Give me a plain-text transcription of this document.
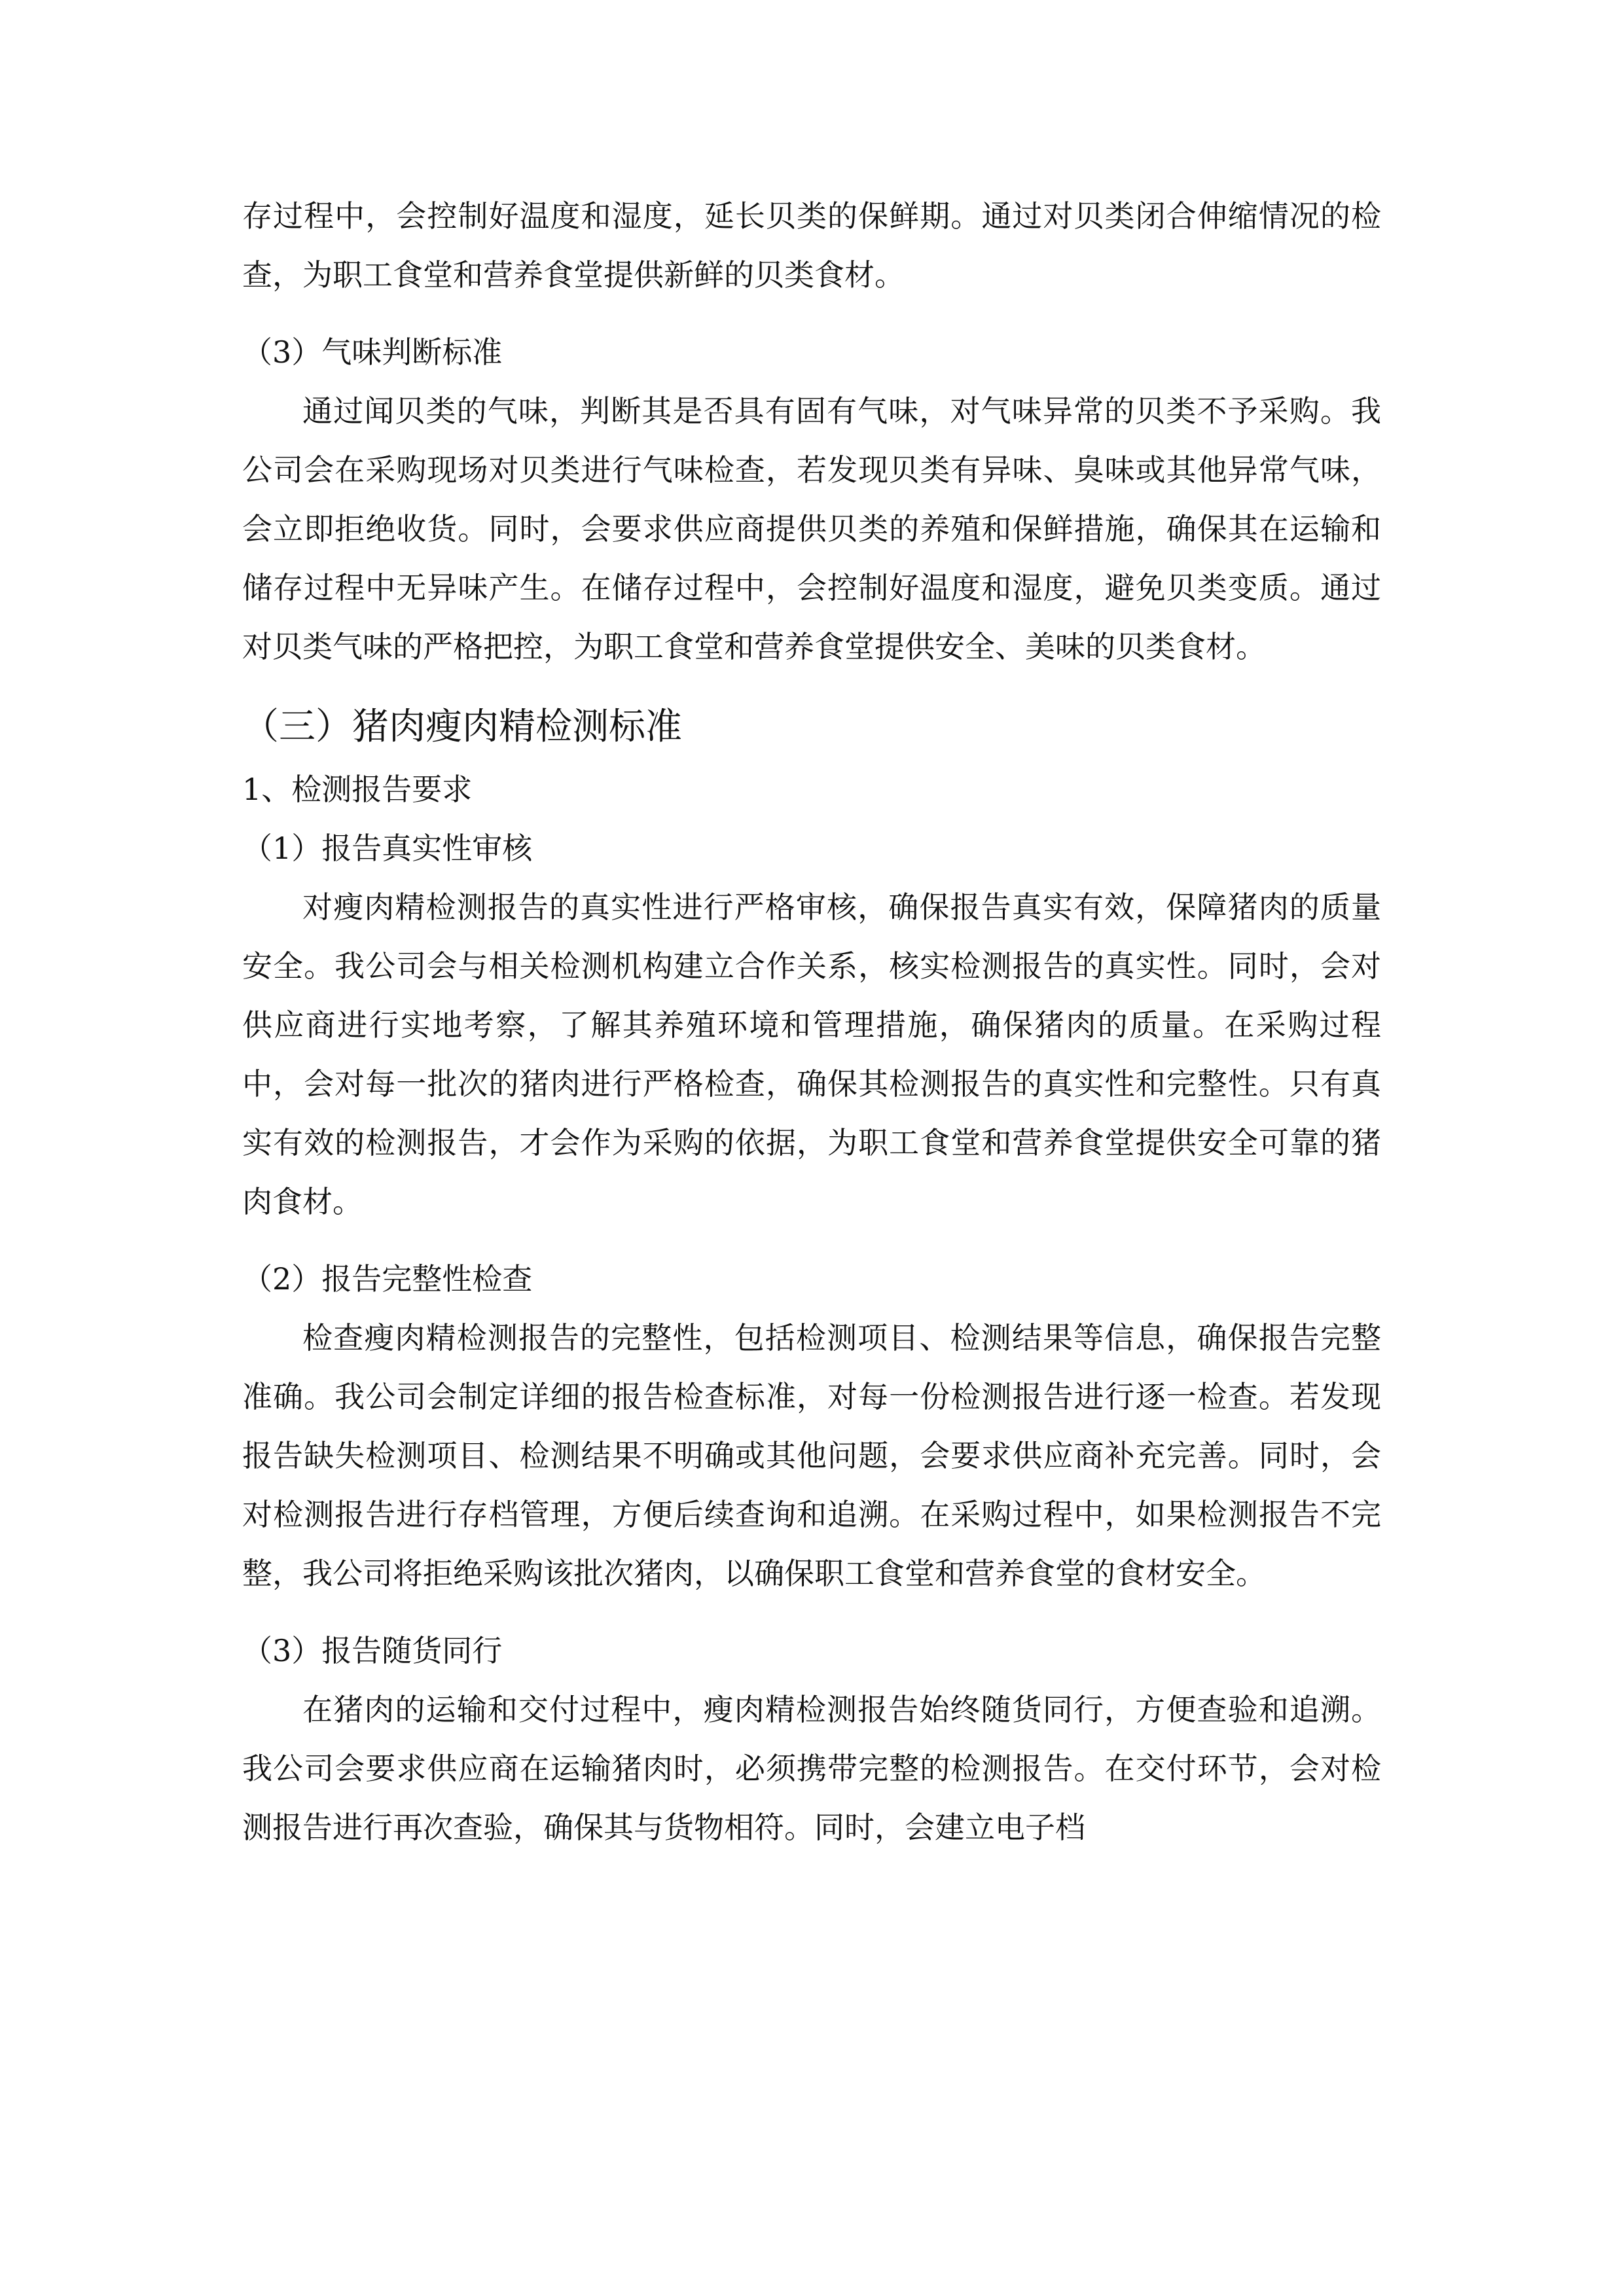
存过程中，会控制好温度和湿度，延长贝类的保鲜期。通过对贝类闭合伸缩情况的检查，为职工食堂和营养食堂提供新鲜的贝类食材。

（3）气味判断标准

通过闻贝类的气味，判断其是否具有固有气味，对气味异常的贝类不予采购。我公司会在采购现场对贝类进行气味检查，若发现贝类有异味、臭味或其他异常气味，会立即拒绝收货。同时，会要求供应商提供贝类的养殖和保鲜措施，确保其在运输和储存过程中无异味产生。在储存过程中，会控制好温度和湿度，避免贝类变质。通过对贝类气味的严格把控，为职工食堂和营养食堂提供安全、美味的贝类食材。

（三）猪肉瘦肉精检测标准

1、检测报告要求

（1）报告真实性审核

对瘦肉精检测报告的真实性进行严格审核，确保报告真实有效，保障猪肉的质量安全。我公司会与相关检测机构建立合作关系，核实检测报告的真实性。同时，会对供应商进行实地考察，了解其养殖环境和管理措施，确保猪肉的质量。在采购过程中，会对每一批次的猪肉进行严格检查，确保其检测报告的真实性和完整性。只有真实有效的检测报告，才会作为采购的依据，为职工食堂和营养食堂提供安全可靠的猪肉食材。

（2）报告完整性检查

检查瘦肉精检测报告的完整性，包括检测项目、检测结果等信息，确保报告完整准确。我公司会制定详细的报告检查标准，对每一份检测报告进行逐一检查。若发现报告缺失检测项目、检测结果不明确或其他问题，会要求供应商补充完善。同时，会对检测报告进行存档管理，方便后续查询和追溯。在采购过程中，如果检测报告不完整，我公司将拒绝采购该批次猪肉，以确保职工食堂和营养食堂的食材安全。

（3）报告随货同行

在猪肉的运输和交付过程中，瘦肉精检测报告始终随货同行，方便查验和追溯。我公司会要求供应商在运输猪肉时，必须携带完整的检测报告。在交付环节，会对检测报告进行再次查验，确保其与货物相符。同时，会建立电子档
